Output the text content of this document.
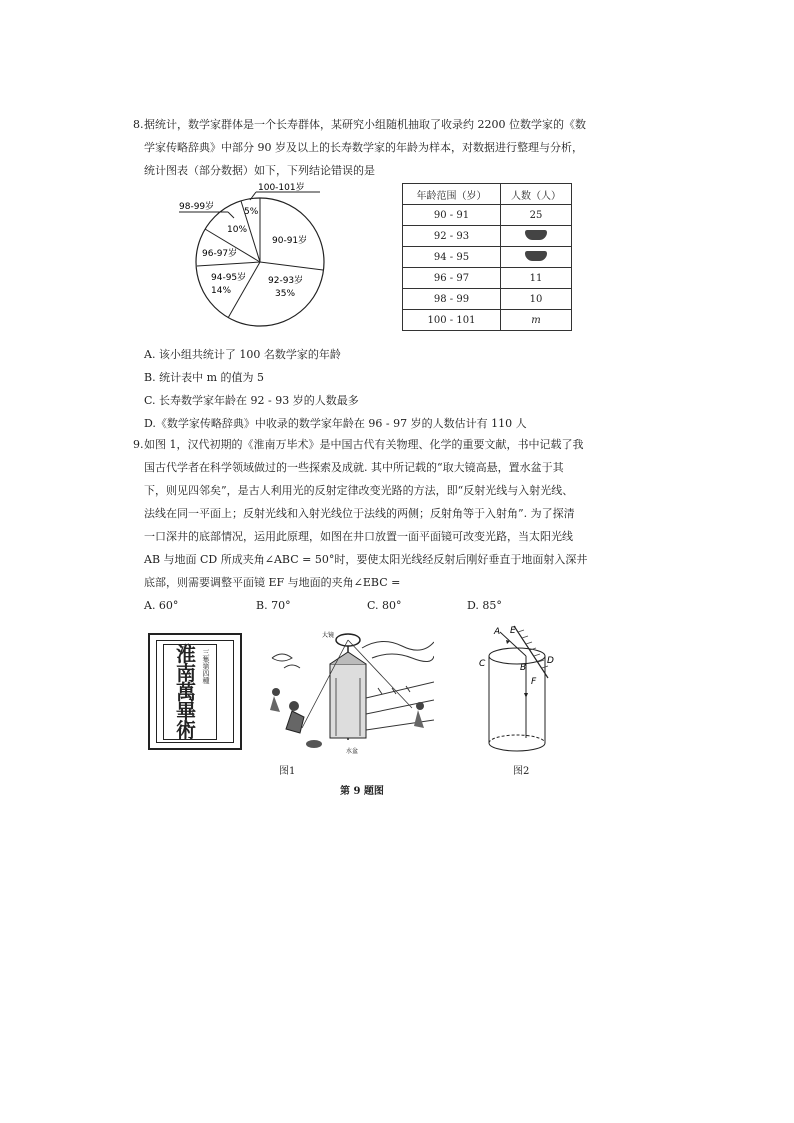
8. 据统计，数学家群体是一个长寿群体，某研究小组随机抽取了收录约 2200 位数学家的《数
学家传略辞典》中部分 90 岁及以上的长寿数学家的年龄为样本，对数据进行整理与分析，
统计图表（部分数据）如下，下列结论错误的是
100-101岁
98-99岁	5%
10%
90-91岁
96-97岁
94-95岁
14%
92-93岁
35%
年龄范围（岁）	人数（人）
90 - 91	25
92 - 93	
94 - 95	
96 - 97	11
98 - 99	10
100 - 101	m
A. 该小组共统计了 100 名数学家的年龄
B. 统计表中 m 的值为 5
C. 长寿数学家年龄在 92 - 93 岁的人数最多
D.《数学家传略辞典》中收录的数学家年龄在 96 - 97 岁的人数估计有 110 人
9. 如图 1，汉代初期的《淮南万毕术》是中国古代有关物理、化学的重要文献，书中记载了我
国古代学者在科学领域做过的一些探索及成就. 其中所记载的“取大镜高悬，置水盆于其
下，则见四邻矣”，是古人利用光的反射定律改变光路的方法，即“反射光线与入射光线、
法线在同一平面上；反射光线和入射光线位于法线的两侧；反射角等于入射角”. 为了探清
一口深井的底部情况，运用此原理，如图在井口放置一面平面镜可改变光路，当太阳光线
AB 与地面 CD 所成夹角∠ABC = 50°时，要使太阳光线经反射后刚好垂直于地面射入深井
底部，则需要调整平面镜 EF 与地面的夹角∠EBC =
A. 60°	B. 70°	C. 80°	D. 85°
淮
南
萬
畢
術
三集第四種
大镜
水盆
A E
C	B
D
F
图1	图2
第 9 题图
